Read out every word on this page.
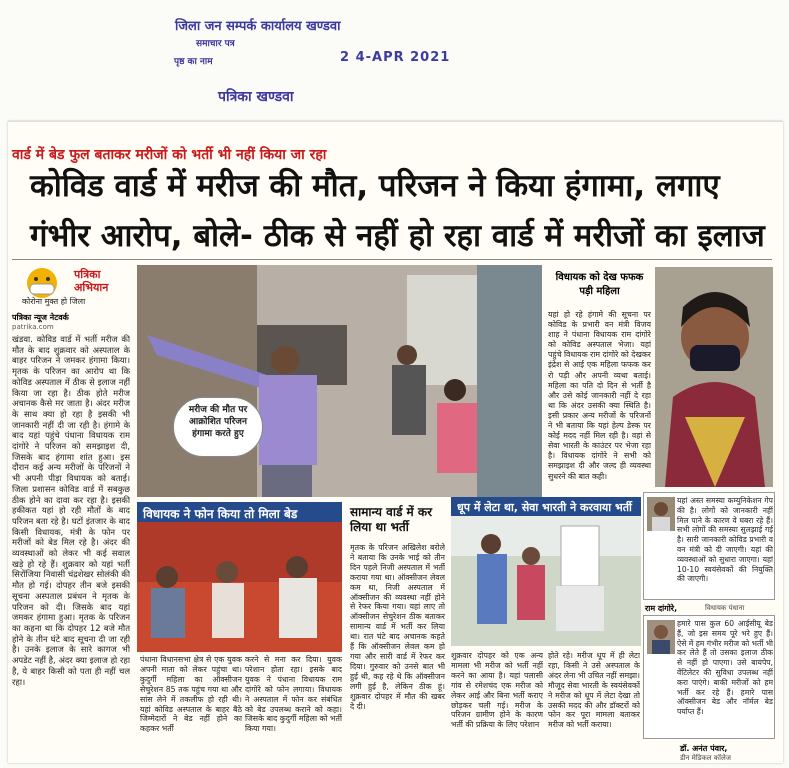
जिला जन सम्पर्क कार्यालय खण्डवा
समाचार पत्र
पृष्ठ का नाम	2 4-APR 2021
पत्रिका खण्डवा
वार्ड में बेड फुल बताकर मरीजों को भर्ती भी नहीं किया जा रहा
कोविड वार्ड में मरीज की मौत, परिजन ने किया हंगामा, लगाए
गंभीर आरोप, बोले- ठीक से नहीं हो रहा वार्ड में मरीजों का इलाज
पत्रिका
अभियान
कोरोना मुक्त हो जिला
पत्रिका न्यूज नेटवर्क
patrika.com
खंडवा. कोविड वार्ड में भर्ती मरीज की मौत के बाद शुक्रवार को अस्पताल के बाहर परिजन ने जमकर हंगामा किया। मृतक के परिजन का आरोप था कि कोविड अस्पताल में ठीक से इलाज नहीं किया जा रहा है। ठीक होते मरीज अचानक कैसे मर जाता है। अंदर मरीज के साथ क्या हो रहा है इसकी भी जानकारी नहीं दी जा रही है। हंगामे के बाद यहां पहुंचे पंधाना विधायक राम दांगोरे ने परिजन को समझाइश दी, जिसके बाद हंगामा शांत हुआ। इस दौरान कई अन्य मरीजों के परिजनों ने भी अपनी पीड़ा विधायक को बताई। जिला प्रशासन कोविड वार्ड में सबकुछ ठीक होने का दावा कर रहा है। इसकी हकीकत यहां हो रही मौतों के बाद परिजन बता रहे है। घटों इंतजार के बाद किसी विधायक, मंत्री के फोन पर मरीजों को बेड मिल रहे है। अंदर की व्यवस्थाओं को लेकर भी कई सवाल खड़े हो रहे हैं। शुक्रवार को यहां भर्ती सिरोंजिया निवासी चंद्रशेखर सोलंकी की मौत हो गई। दोपहर तीन बजे इसकी सूचना अस्पताल प्रबंधन ने मृतक के परिजन को दी। जिसके बाद यहां जमकर हंगामा हुआ। मृतक के परिजन का कहना था कि दोपहर 12 बजे मौत होने के तीन घंटे बाद सूचना दी जा रही है। उनके इलाज के सारे कागज भी अपडेट नहीं है, अंदर क्या इलाज हो रहा है, ये बाहर किसी को पता ही नहीं चल रहा।
मरीज की मौत पर आक्रोशित परिजन हंगामा करते हुए
विधायक को देख फफक पड़ी महिला
यहां हो रहे हंगामे की सूचना पर कोविड के प्रभारी वन मंत्री विजय शाह ने पंधाना विधायक राम दांगोरे को कोविड अस्पताल भेजा। यहां पहुंचे विधायक राम दांगोरे को देखकर इंद्रेश से आई एक महिला फफक कर रो पड़ी और अपनी व्यथा बताई। महिला का पति दो दिन से भर्ती है और उसे कोई जानकारी नहीं दे रहा था कि अंदर उसकी क्या स्थिति है। इसी प्रकार अन्य मरीजों के परिजनों ने भी बताया कि यहां हेल्प डेस्क पर कोई मदद नहीं मिल रही है। वहां से सेवा भारती के काउंटर पर भेजा रहा है। विधायक दांगोरे ने सभी को समझाइश दी और जल्द ही व्यवस्था सुधरने की बात कही।
यहां अस्त समस्या कम्युनिकेशन गेप की है। लोगों को जानकारी नहीं मिल पाने के कारण वे घबरा रहे हैं। सभी लोगों की समस्या सुलझाई गई है। सारी जानकारी कोविड प्रभारी व वन मंत्री को दी जाएगी। यहां की व्यवस्थाओं को सुधारा जाएगा। यहां 10-10 स्वयंसेवकों की नियुक्ति की जाएगी।
राम दांगोरे,	विधायक पंधाना
हमारे पास कुल 60 आईसीयू बेड हैं, जो इस समय पूरे भरे हुए हैं। ऐसे में हम गंभीर मरीज को भर्ती भी कर लेते हैं तो उसका इलाज ठीक से नहीं हो पाएगा। उसे बायपेप, वेंटिलेटर की सुविधा उपलब्ध नहीं करा पाएंगे। बाकी मरीजों को हम भर्ती कर रहे हैं। हमारे पास ऑक्सीजन बेड और नॉर्मल बेड पर्याप्त हैं।
डॉ. अनंत पंवार,
डीन मेडिकल कॉलेज
विधायक ने फोन किया तो मिला बेड
पंधाना विधानसभा क्षेत्र से एक युवक अपनी माता को लेकर पहुंचा था। कुदुर्गी महिला का ऑक्सीजन सेचुरेशन 85 तक पहुंच गया था और सांस लेने में तकलीफ हो रही थी। यहां कोविड अस्पताल के बाहर बैठे जिम्मेदारों ने बेड नहीं होने का कहकर भर्ती
करने से मना कर दिया। युवक परेशान होता रहा। इसके बाद युवक ने पंधाना विधायक राम दांगोरे को फोन लगाया। विधायक ने अस्पताल में फोन कर संबंधित को बेड उपलब्ध कराने को कहा। जिसके बाद कुदुर्गी महिला को भर्ती किया गया।
सामान्य वार्ड में कर लिया था भर्ती
मृतक के परिजन अखिलेश बरोले ने बताया कि उनके भाई को तीन दिन पहले निजी अस्पताल में भर्ती कराया गया था। ऑक्सीजन लेवल कम था, निजी अस्पताल में ऑक्सीजन की व्यवस्था नहीं होने से रेफर किया गया। यहां लाए तो ऑक्सीजन सेचुरेशन ठीक बताकर सामान्य वार्ड में भर्ती कर लिया था। रात घंटे बाद अचानक कहते हैं कि ऑक्सीजन लेवल कम हो गया और सारी वार्ड में रेफर कर दिया। गुरुवार को उनसे बात भी हुई थी, कह रहे थे कि ऑक्सीजन लगी हुई है, लेकिन ठीक हूं। शुक्रवार दोपहर में मौत की खबर दे दी।
धूप में लेटा था, सेवा भारती ने करवाया भर्ती
शुक्रवार दोपहर को एक अन्य मामला भी मरीज को भर्ती नहीं करने का आया है। यहां पलासी गांव से रमेशचंद एक मरीज को लेकर आई और बिना भर्ती कराए छोड़कर चली गई। मरीज के परिजन ग्रामीण होने के कारण भर्ती की प्रक्रिया के लिए परेशान
होते रहे। मरीज धूप में ही लेटा रहा, किसी ने उसे अस्पताल के अंदर लेना भी उचित नहीं समझा। मौजूद सेवा भारती के स्वयंसेवकों ने मरीज को धूप में लेटा देखा तो उसकी मदद की और डॉक्टरों को फोन कर पूरा मामला बताकर मरीज को भर्ती कराया।
